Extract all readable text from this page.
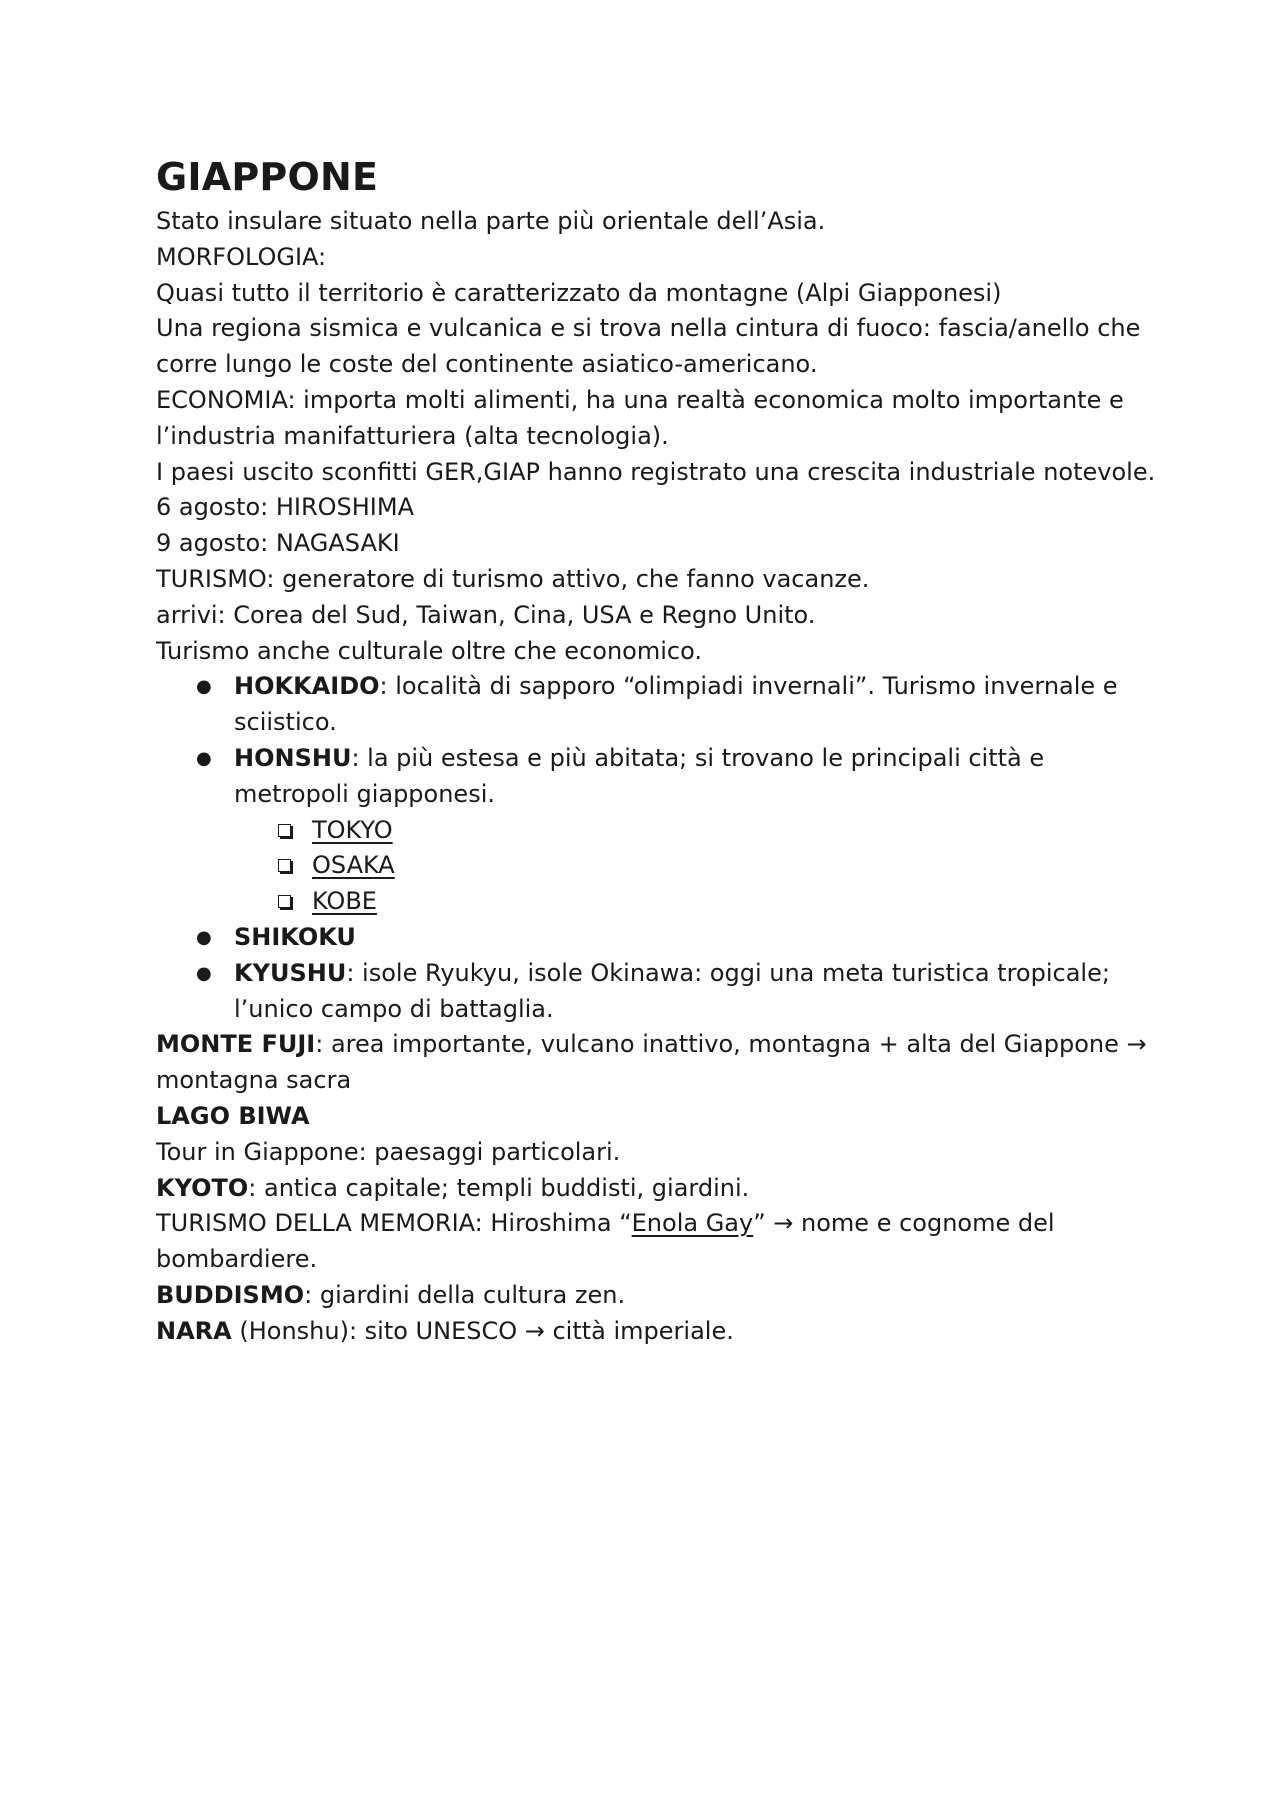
GIAPPONE

Stato insulare situato nella parte più orientale dell’Asia.

MORFOLOGIA:

Quasi tutto il territorio è caratterizzato da montagne (Alpi Giapponesi)

Una regiona sismica e vulcanica e si trova nella cintura di fuoco: fascia/anello che corre lungo le coste del continente asiatico-americano.

ECONOMIA: importa molti alimenti, ha una realtà economica molto importante e l’industria manifatturiera (alta tecnologia).

I paesi uscito sconfitti GER,GIAP hanno registrato una crescita industriale notevole.

6 agosto: HIROSHIMA

9 agosto: NAGASAKI

TURISMO: generatore di turismo attivo, che fanno vacanze.

arrivi: Corea del Sud, Taiwan, Cina, USA e Regno Unito.

Turismo anche culturale oltre che economico.

● HOKKAIDO: località di sapporo “olimpiadi invernali”. Turismo invernale e sciistico.
● HONSHU: la più estesa e più abitata; si trovano le principali città e metropoli giapponesi.
TOKYO
OSAKA
KOBE
● SHIKOKU
● KYUSHU: isole Ryukyu, isole Okinawa: oggi una meta turistica tropicale; l’unico campo di battaglia.

MONTE FUJI: area importante, vulcano inattivo, montagna + alta del Giappone → montagna sacra

LAGO BIWA

Tour in Giappone: paesaggi particolari.

KYOTO: antica capitale; templi buddisti, giardini.

TURISMO DELLA MEMORIA: Hiroshima “Enola Gay” → nome e cognome del bombardiere.

BUDDISMO: giardini della cultura zen.

NARA (Honshu): sito UNESCO → città imperiale.
